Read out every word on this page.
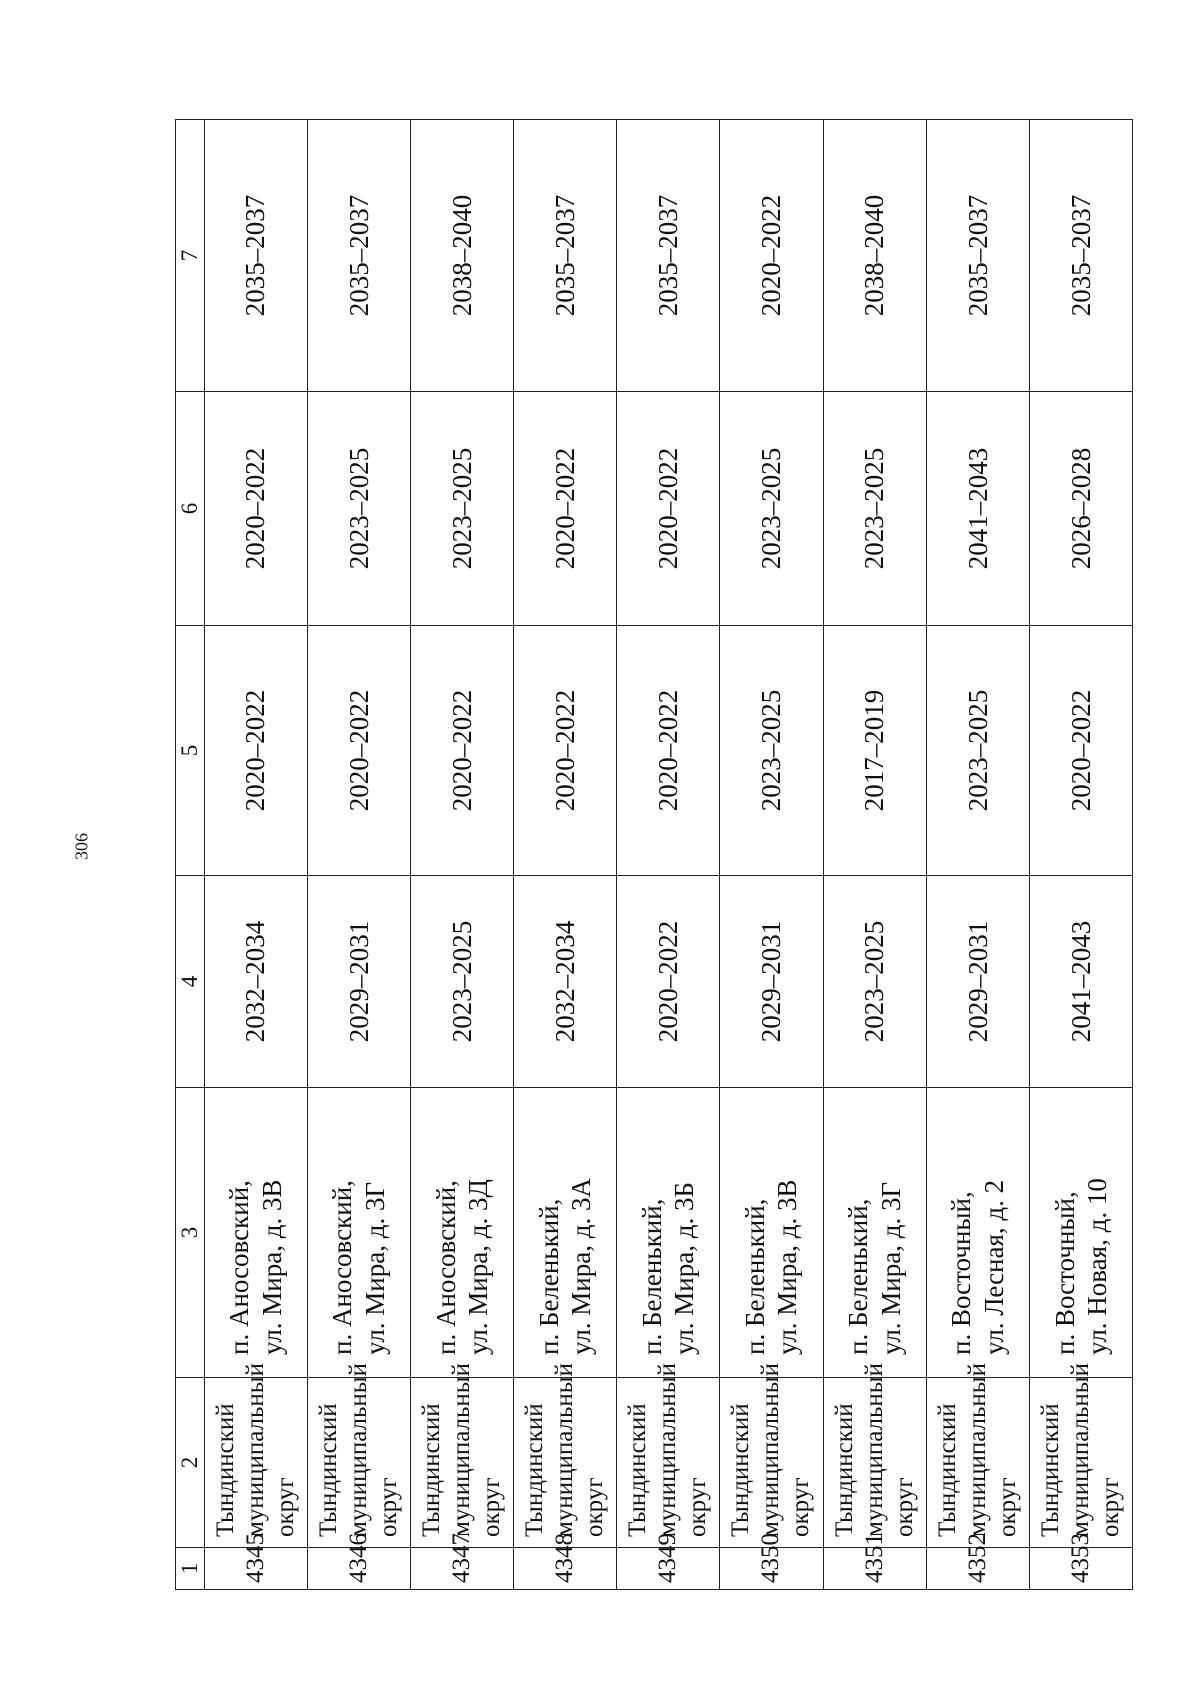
306
1	2	3	4	5	6	7
4345	Тындинский муниципальный округ	п. Аносовский, ул. Мира, д. 3В	2032–2034	2020–2022	2020–2022	2035–2037
4346	Тындинский муниципальный округ	п. Аносовский, ул. Мира, д. 3Г	2029–2031	2020–2022	2023–2025	2035–2037
4347	Тындинский муниципальный округ	п. Аносовский, ул. Мира, д. 3Д	2023–2025	2020–2022	2023–2025	2038–2040
4348	Тындинский муниципальный округ	п. Беленький, ул. Мира, д. 3А	2032–2034	2020–2022	2020–2022	2035–2037
4349	Тындинский муниципальный округ	п. Беленький, ул. Мира, д. 3Б	2020–2022	2020–2022	2020–2022	2035–2037
4350	Тындинский муниципальный округ	п. Беленький, ул. Мира, д. 3В	2029–2031	2023–2025	2023–2025	2020–2022
4351	Тындинский муниципальный округ	п. Беленький, ул. Мира, д. 3Г	2023–2025	2017–2019	2023–2025	2038–2040
4352	Тындинский муниципальный округ	п. Восточный, ул. Лесная, д. 2	2029–2031	2023–2025	2041–2043	2035–2037
4353	Тындинский муниципальный округ	п. Восточный, ул. Новая, д. 10	2041–2043	2020–2022	2026–2028	2035–2037
